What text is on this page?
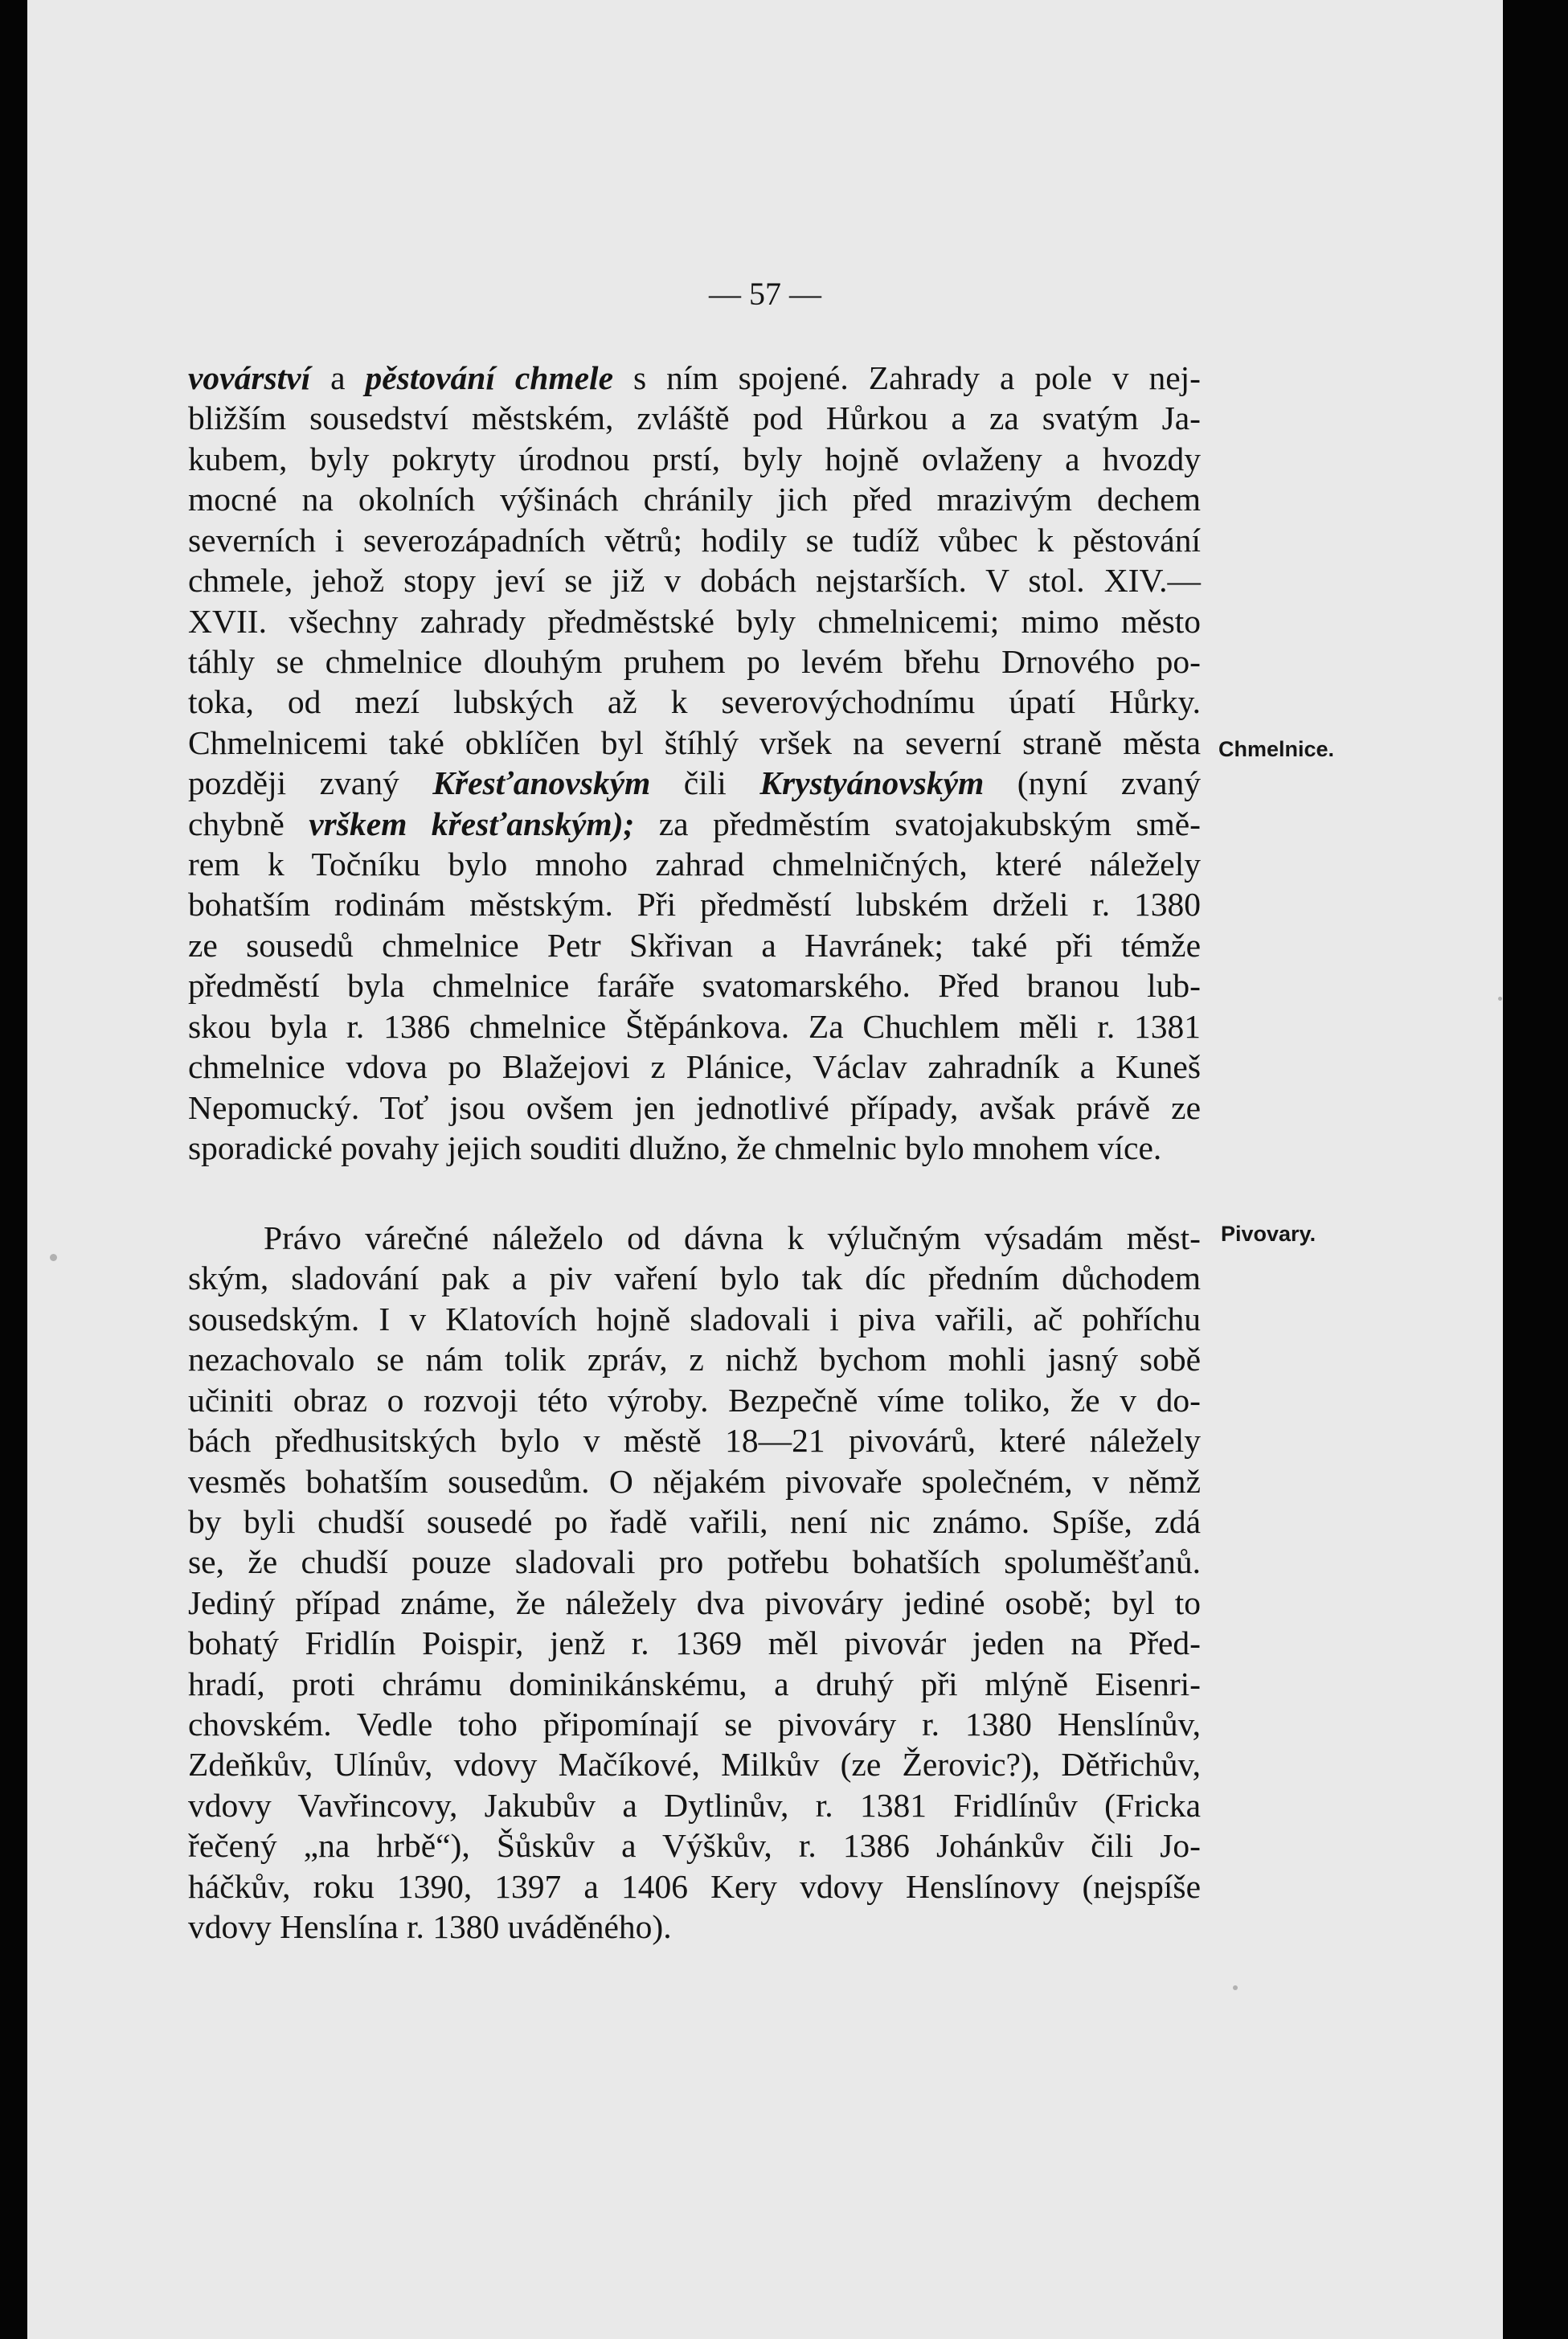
— 57 —

vovárství a pěstování chmele s ním spojené. Zahrady a pole v nej-
bližším sousedství městském, zvláště pod Hůrkou a za svatým Ja-
kubem, byly pokryty úrodnou prstí, byly hojně ovlaženy a hvozdy
mocné na okolních výšinách chránily jich před mrazivým dechem
severních i severozápadních větrů; hodily se tudíž vůbec k pěstování
chmele, jehož stopy jeví se již v dobách nejstarších. V stol. XIV.—
XVII. všechny zahrady předměstské byly chmelnicemi; mimo město
táhly se chmelnice dlouhým pruhem po levém břehu Drnového po-
toka, od mezí lubských až k severovýchodnímu úpatí Hůrky.
Chmelnicemi také obklíčen byl štíhlý vršek na severní straně města
později zvaný Křesťanovským čili Krystyánovským (nyní zvaný
chybně vrškem křesťanským); za předměstím svatojakubským smě-
rem k Točníku bylo mnoho zahrad chmelničných, které náležely
bohatším rodinám městským. Při předměstí lubském drželi r. 1380
ze sousedů chmelnice Petr Skřivan a Havránek; také při témže
předměstí byla chmelnice faráře svatomarského. Před branou lub-
skou byla r. 1386 chmelnice Štěpánkova. Za Chuchlem měli r. 1381
chmelnice vdova po Blažejovi z Plánice, Václav zahradník a Kuneš
Nepomucký. Toť jsou ovšem jen jednotlivé případy, avšak právě ze
sporadické povahy jejich souditi dlužno, že chmelnic bylo mnohem více.

Chmelnice.

Právo várečné náleželo od dávna k výlučným výsadám měst-
ským, sladování pak a piv vaření bylo tak díc předním důchodem
sousedským. I v Klatovích hojně sladovali i piva vařili, ač pohříchu
nezachovalo se nám tolik zpráv, z nichž bychom mohli jasný sobě
učiniti obraz o rozvoji této výroby. Bezpečně víme toliko, že v do-
bách předhusitských bylo v městě 18—21 pivovárů, které náležely
vesměs bohatším sousedům. O nějakém pivovaře společném, v němž
by byli chudší sousedé po řadě vařili, není nic známo. Spíše, zdá
se, že chudší pouze sladovali pro potřebu bohatších spoluměšťanů.
Jediný případ známe, že náležely dva pivováry jediné osobě; byl to
bohatý Fridlín Poispir, jenž r. 1369 měl pivovár jeden na Před-
hradí, proti chrámu dominikánskému, a druhý při mlýně Eisenri-
chovském. Vedle toho připomínají se pivováry r. 1380 Henslínův,
Zdeňkův, Ulínův, vdovy Mačíkové, Milkův (ze Žerovic?), Dětřichův,
vdovy Vavřincovy, Jakubův a Dytlinův, r. 1381 Fridlínův (Fricka
řečený „na hrbě“), Šůskův a Výškův, r. 1386 Johánkův čili Jo-
háčkův, roku 1390, 1397 a 1406 Kery vdovy Henslínovy (nejspíše
vdovy Henslína r. 1380 uváděného).

Pivovary.
